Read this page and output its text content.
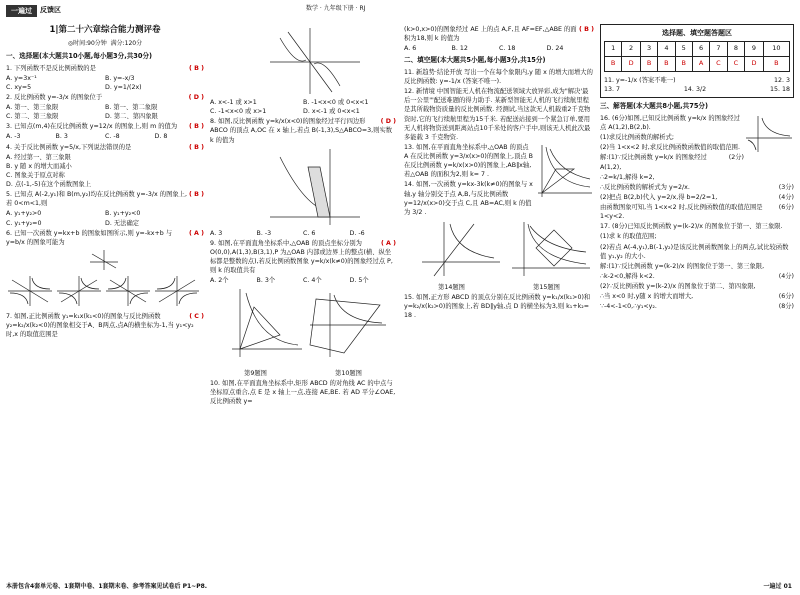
一遍过	反馈区	数学 · 九年级下册 · RJ
1|第二十六章综合能力测评卷
◎时间:90分钟 满分:120分
一、选择题(本大题共10小题,每小题3分,共30分)
( B )
1. 下列函数不是反比例函数的是
A. y=3x⁻¹	B. y=-x/3
C. xy=5	D. y=1/(2x)
( D )
2. 反比例函数 y=-3/x 的图象位于
A. 第一、第三象限	B. 第一、第二象限
C. 第二、第三象限	D. 第二、第四象限
( B )
3. 已知点(m,4)在反比例函数 y=12/x 的图象上,则 m 的值为
A. -3	B. 3	C. -8	D. 8
( B )
4. 关于反比例函数 y=5/x,下列说法错误的是
A. 经过第一、第三象限
B. y 随 x 的增大而减小
C. 图象关于原点对称
D. 点(-1,-5)在这个函数图象上
( B )
5. 已知点 A(-2,y₁)和 B(m,y₂)均在反比例函数 y=-3/x 的图象上,若 0<m<1,则
A. y₁+y₂>0	B. y₁+y₂<0
C. y₁+y₂=0	D. 无法确定
( A )
6. 已知一次函数 y=kx+b 的图象如图所示,则 y=-kx+b 与 y=b/x 的图象可能为
( C )
7. 如图,正比例函数 y₁=k₁x(k₁<0)的图象与反比例函数 y₂=k₂/x(k₂<0)的图象相交于A、B两点,点A的横坐标为-1,当 y₁<y₂ 时,x 的取值范围是
A. x<-1 或 x>1	B. -1<x<0 或 0<x<1
C. -1<x<0 或 x>1	D. x<-1 或 0<x<1
( D )
8. 如图,反比例函数 y=k/x(x<0)的图象经过平行四边形 ABCO 的顶点 A,OC 在 x 轴上,若点 B(-1,3),S△ABCO=3,则实数 k 的值为
A. 3	B. -3	C. 6	D. -6
( A )
9. 如图,在平面直角坐标系中,△OAB 的顶点坐标分别为 O(0,0),A(1,3),B(3,1),P 为△OAB 内部或边界上的整点(横、纵坐标都是整数的点),若反比例函数图象 y=k/x(k≠0)的图象经过点 P,则 k 的取值共有
A. 2个	B. 3个	C. 4个	D. 5个
第9题图	第10题图
10. 如图,在平面直角坐标系中,矩形 ABCD 的对角线 AC 的中点与坐标原点重合,点 E 是 x 轴上一点,连接 AE,BE. 若 AD 平分∠OAE,反比例函数 y=
( B )
(k>0,x>0)的图象经过 AE 上的点 A,F,且 AF=EF,△ABE 的面积为18,则 k 的值为
A. 6	B. 12	C. 18	D. 24
二、填空题(本大题共5小题,每小题3分,共15分)
11. 新趋势·结论开放 写出一个在每个象限内,y 随 x 的增大而增大的反比例函数: y=-1/x (答案不唯一).
12. 新情境 中国智能无人机在物流配送领域大放异彩,成为"解决'最后一公里'"配送难题的得力助手. 某新型智能无人机的飞行续航里程是其所载物资质量的反比例函数. 经测试,当这款无人机载重2千克物资时,它的飞行续航里程为15千米. 若配送站接到一个紧急订单,要用无人机将物资送到距离站点10千米处的客户手中,则该无人机此次最多能载 3 千克物资.
13. 如图,在平面直角坐标系中,△OAB 的顶点 A 在反比例函数 y=3/x(x>0)的图象上,顶点 B 在反比例函数 y=k/x(x>0)的图象上,AB∥x轴,若△OAB 的面积为2,则 k= 7 .
14. 如图,一次函数 y=kx-3k(k≠0)的图象与 x 轴,y 轴分别交于点 A,B,与反比例函数 y=12/x(x>0)交于点 C,且 AB=AC,则 k 的值为 3/2 .
第14题图	第15题图
15. 如图,正方形 ABCD 的顶点分别在反比例函数 y=k₁/x(k₁>0)和 y=k₂/x(k₂>0)的图象上,若 BD∥y轴,点 D 的横坐标为3,则 k₁+k₂= 18 .
选择题、填空题答题区
1	2	3	4	5	6	7	8	9	10
B	D	B	B	B	A	C	C	D	B
11. y=-1/x (答案不唯一)	12. 3
13. 7	14. 3/2	15. 18
三、解答题(本大题共8小题,共75分)
16. (6分)如图,已知反比例函数 y=k/x 的图象经过点 A(1,2),B(2,b).
(1)求反比例函数的解析式;
(2)当 1<x<2 时,求反比例函数函数值的取值范围.
(2分)
解:(1)∵反比例函数 y=k/x 的图象经过 A(1,2),
∴2=k/1,解得 k=2,
(3分)
∴反比例函数的解析式为 y=2/x.
(4分)
(2)把点 B(2,b)代入 y=2/x,得 b=2/2=1,
(6分)
由函数图象可知,当 1<x<2 时,反比例函数值的取值范围是 1<y<2.
17. (8分)已知反比例函数 y=(k-2)/x 的图象位于第一、第三象限.
(1)求 k 的取值范围;
(2)若点 A(-4,y₁),B(-1,y₂)是该反比例函数图象上的两点,试比较函数值 y₁,y₂ 的大小.
解:(1)∵反比例函数 y=(k-2)/x 的图象位于第一、第三象限,
(4分)
∴k-2<0,解得 k<2.
(2)∵反比例函数 y=(k-2)/x 的图象位于第二、第四象限,
(6分)
∴当 x<0 时,y随 x 的增大而增大,
(8分)
∵-4<-1<0,∴y₁<y₂.
本册包含4套单元卷、1套期中卷、1套期末卷、参考答案见试卷后 P1~P8.	一遍过 01
